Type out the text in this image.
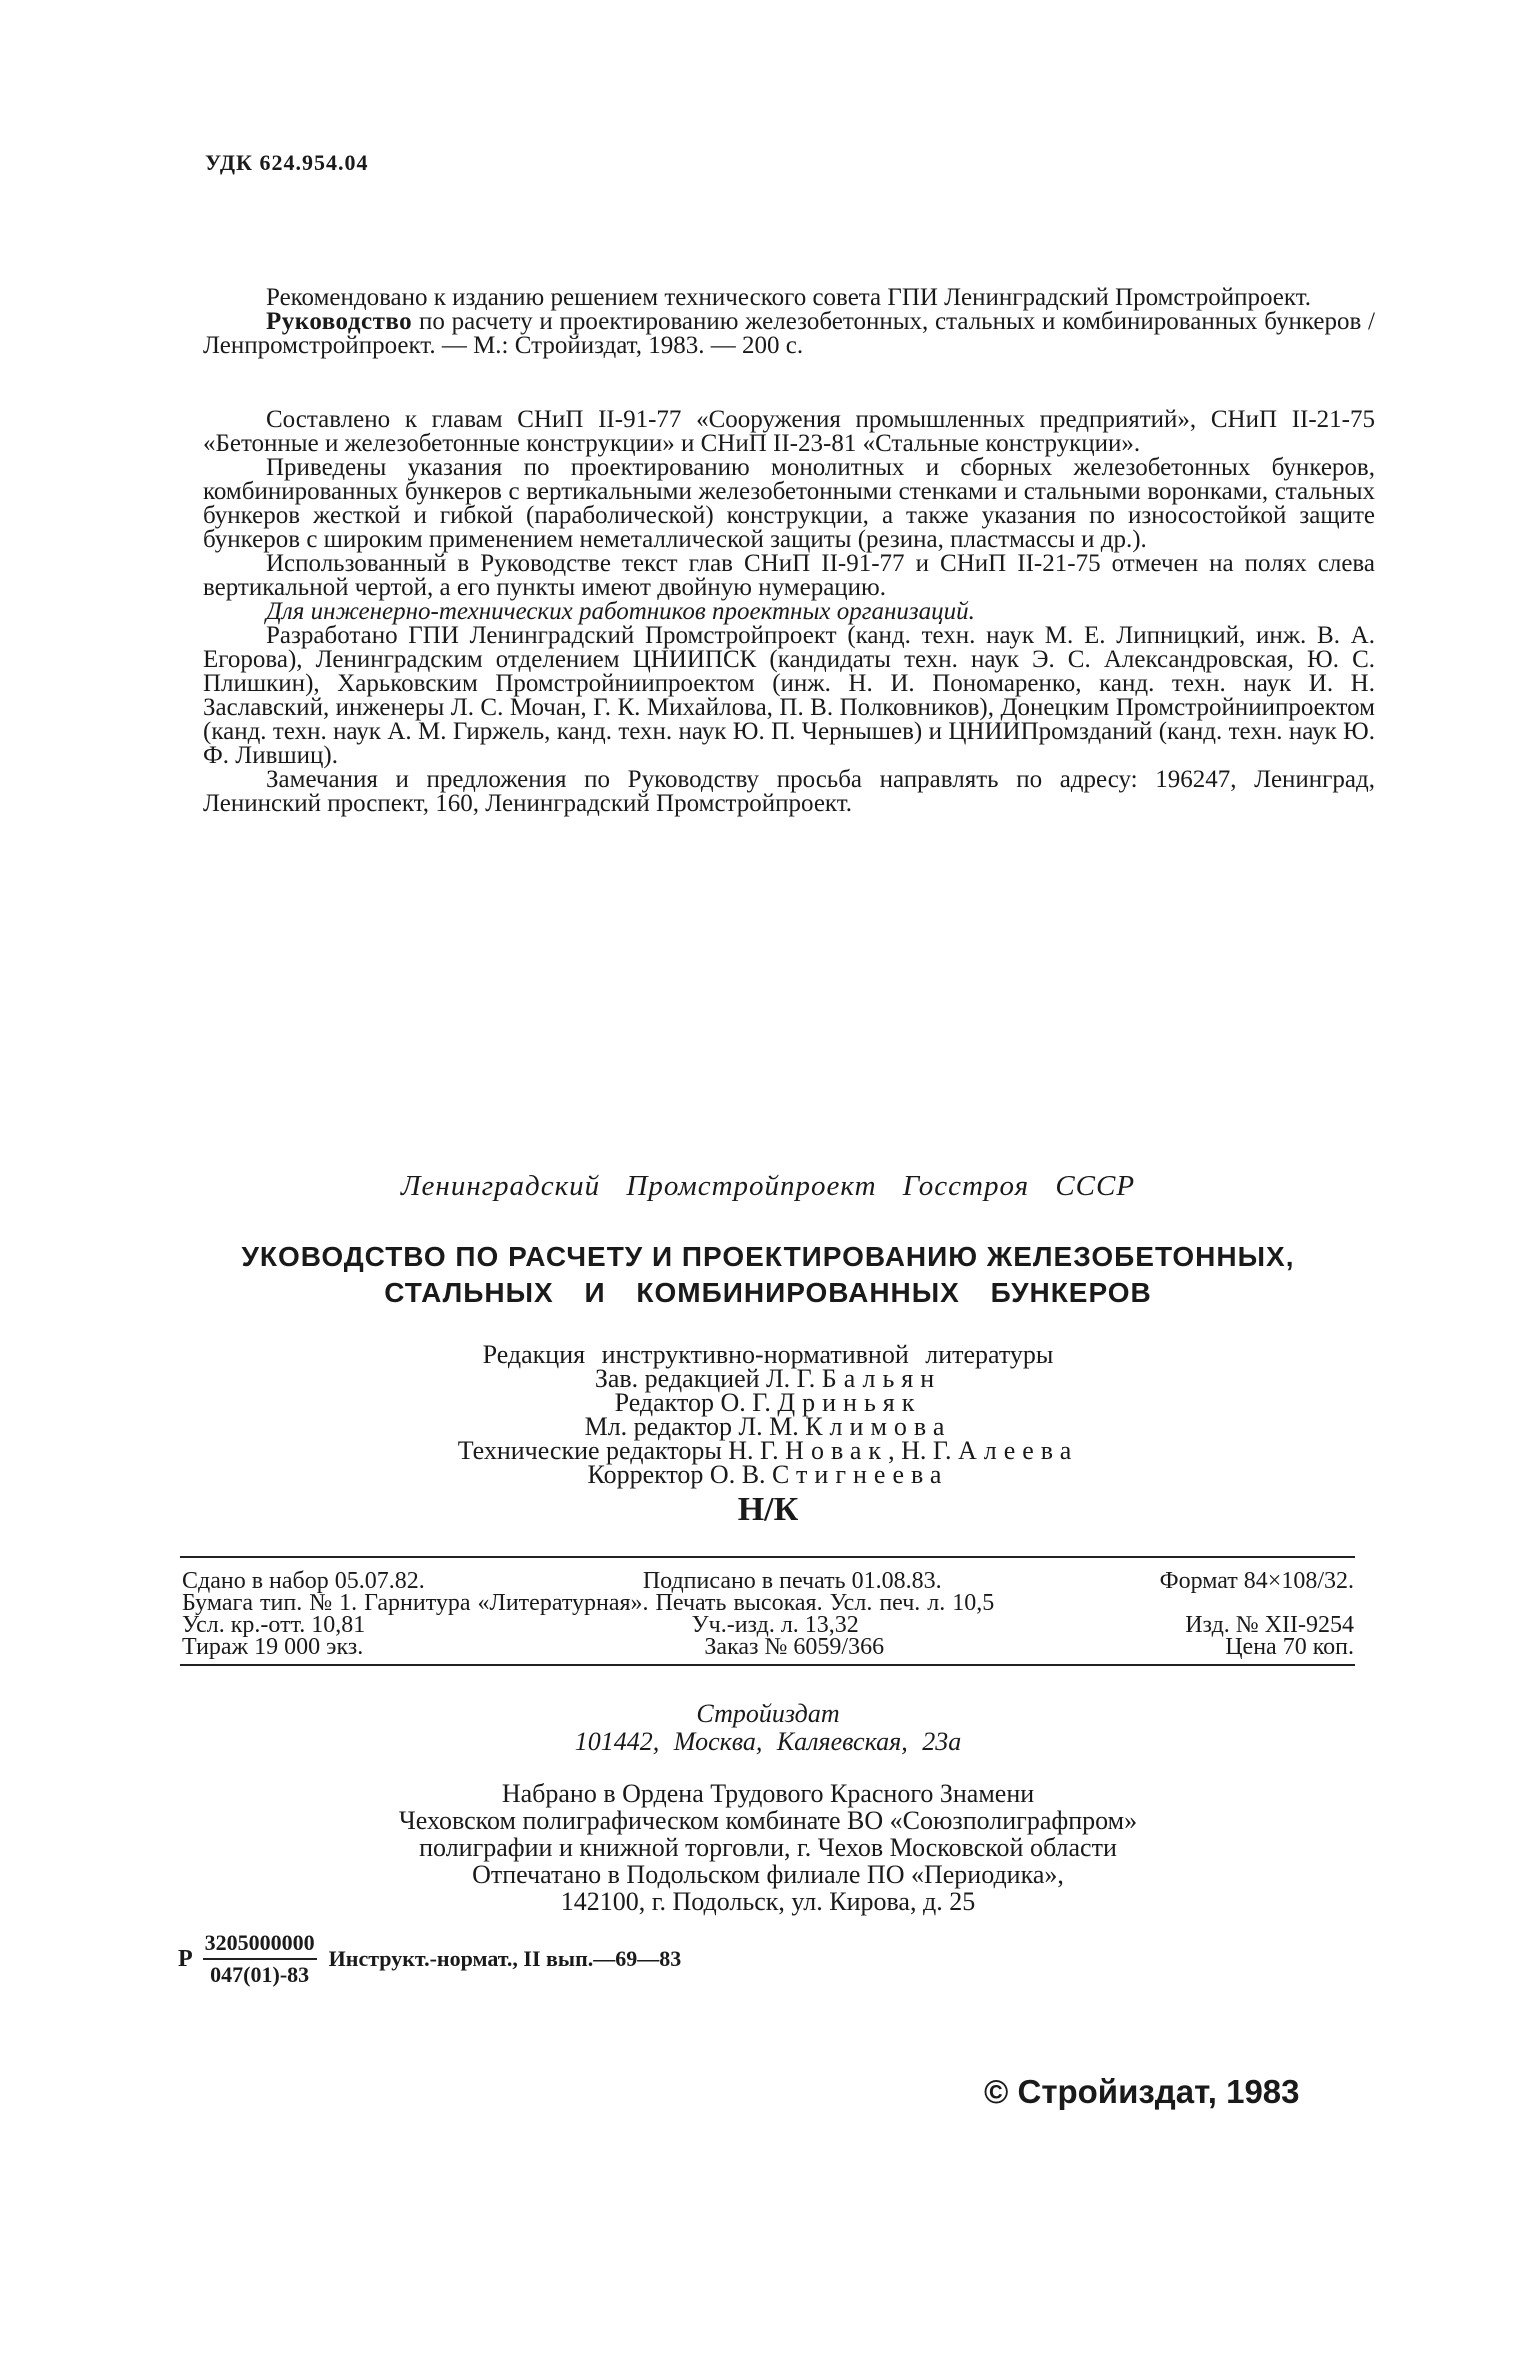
УДК 624.954.04

Рекомендовано к изданию решением технического совета ГПИ Ленинградский Промстройпроект.

Руководство по расчету и проектированию железобетонных, стальных и комбинированных бункеров / Ленпромстройпроект. — М.: Стройиздат, 1983. — 200 с.

Составлено к главам СНиП II-91-77 «Сооружения промышленных предприятий», СНиП II-21-75 «Бетонные и железобетонные конструкции» и СНиП II-23-81 «Стальные конструкции».

Приведены указания по проектированию монолитных и сборных железобетонных бункеров, комбинированных бункеров с вертикальными железобетонными стенками и стальными воронками, стальных бункеров жесткой и гибкой (параболической) конструкции, а также указания по износостойкой защите бункеров с широким применением неметаллической защиты (резина, пластмассы и др.).

Использованный в Руководстве текст глав СНиП II-91-77 и СНиП II-21-75 отмечен на полях слева вертикальной чертой, а его пункты имеют двойную нумерацию.

Для инженерно-технических работников проектных организаций.

Разработано ГПИ Ленинградский Промстройпроект (канд. техн. наук М. Е. Липницкий, инж. В. А. Егорова), Ленинградским отделением ЦНИИПСК (кандидаты техн. наук Э. С. Александровская, Ю. С. Плишкин), Харьковским Промстройниипроектом (инж. Н. И. Пономаренко, канд. техн. наук И. Н. Заславский, инженеры Л. С. Мочан, Г. К. Михайлова, П. В. Полковников), Донецким Промстройниипроектом (канд. техн. наук А. М. Гиржель, канд. техн. наук Ю. П. Чернышев) и ЦНИИПромзданий (канд. техн. наук Ю. Ф. Лившиц).

Замечания и предложения по Руководству просьба направлять по адресу: 196247, Ленинград, Ленинский проспект, 160, Ленинградский Промстройпроект.

Ленинградский Промстройпроект Госстроя СССР
УКОВОДСТВО ПО РАСЧЕТУ И ПРОЕКТИРОВАНИЮ ЖЕЛЕЗОБЕТОННЫХ,
СТАЛЬНЫХ И КОМБИНИРОВАННЫХ БУНКЕРОВ
Редакция инструктивно-нормативной литературы
Зав. редакцией Л. Г. Бальян
Редактор О. Г. Дриньяк
Мл. редактор Л. М. Климова
Технические редакторы Н. Г. Новак, Н. Г. Алеева
Корректор О. В. Стигнеева
Н/К
Сдано в набор 05.07.82.	Подписано в печать 01.08.83.	Формат 84×108/32.
Бумага тип. № 1. Гарнитура «Литературная». Печать высокая. Усл. печ. л. 10,5
Усл. кр.-отт. 10,81	Уч.-изд. л. 13,32	Изд. № XII-9254
Тираж 19 000 экз.	Заказ № 6059/366	Цена 70 коп.
Стройиздат
101442, Москва, Каляевская, 23а
Набрано в Ордена Трудового Красного Знамени
Чеховском полиграфическом комбинате ВО «Союзполиграфпром»
полиграфии и книжной торговли, г. Чехов Московской области
Отпечатано в Подольском филиале ПО «Периодика»,
142100, г. Подольск, ул. Кирова, д. 25
Р $\frac{3205000000}{047(01)-83}$ Инструкт.-нормат., II вып.—69—83
© Стройиздат, 1983
